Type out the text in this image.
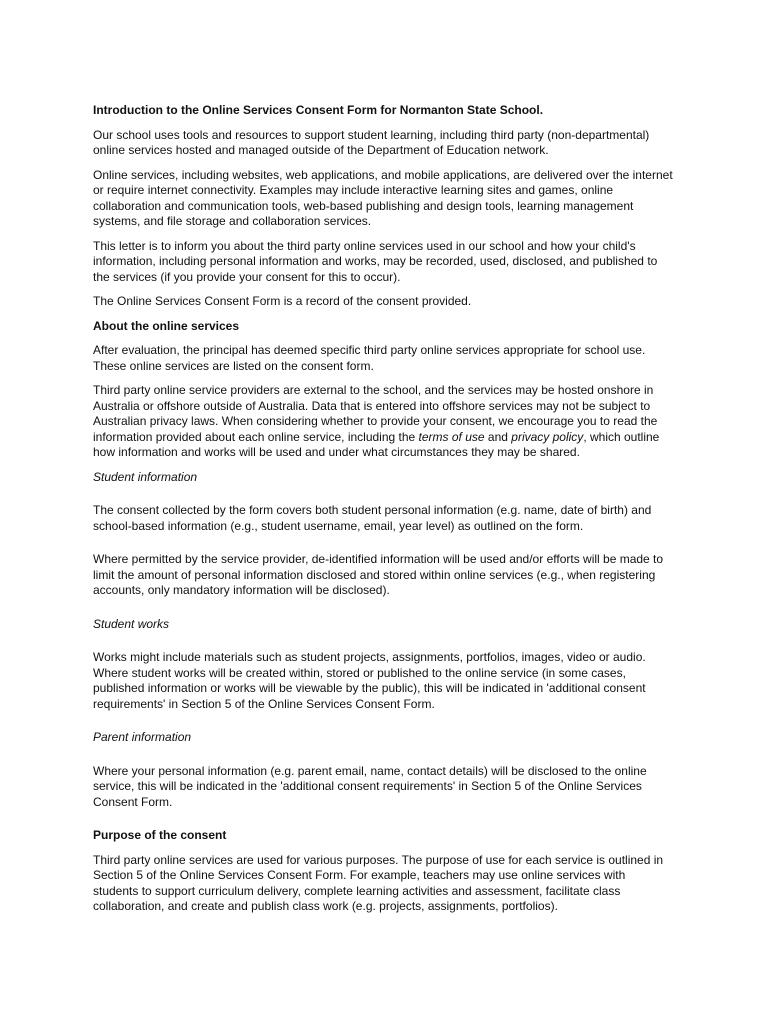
Introduction to the Online Services Consent Form for Normanton State School.

Our school uses tools and resources to support student learning, including third party (non-departmental) online services hosted and managed outside of the Department of Education network.

Online services, including websites, web applications, and mobile applications, are delivered over the internet or require internet connectivity. Examples may include interactive learning sites and games, online collaboration and communication tools, web-based publishing and design tools, learning management systems, and file storage and collaboration services.

This letter is to inform you about the third party online services used in our school and how your child's information, including personal information and works, may be recorded, used, disclosed, and published to the services (if you provide your consent for this to occur).

The Online Services Consent Form is a record of the consent provided.

About the online services

After evaluation, the principal has deemed specific third party online services appropriate for school use. These online services are listed on the consent form.

Third party online service providers are external to the school, and the services may be hosted onshore in Australia or offshore outside of Australia. Data that is entered into offshore services may not be subject to Australian privacy laws. When considering whether to provide your consent, we encourage you to read the information provided about each online service, including the terms of use and privacy policy, which outline how information and works will be used and under what circumstances they may be shared.

Student information

The consent collected by the form covers both student personal information (e.g. name, date of birth) and school-based information (e.g., student username, email, year level) as outlined on the form.

Where permitted by the service provider, de-identified information will be used and/or efforts will be made to limit the amount of personal information disclosed and stored within online services (e.g., when registering accounts, only mandatory information will be disclosed).

Student works

Works might include materials such as student projects, assignments, portfolios, images, video or audio. Where student works will be created within, stored or published to the online service (in some cases, published information or works will be viewable by the public), this will be indicated in 'additional consent requirements' in Section 5 of the Online Services Consent Form.

Parent information

Where your personal information (e.g. parent email, name, contact details) will be disclosed to the online service, this will be indicated in the 'additional consent requirements' in Section 5 of the Online Services Consent Form.

Purpose of the consent

Third party online services are used for various purposes. The purpose of use for each service is outlined in Section 5 of the Online Services Consent Form. For example, teachers may use online services with students to support curriculum delivery, complete learning activities and assessment, facilitate class collaboration, and create and publish class work (e.g. projects, assignments, portfolios).
